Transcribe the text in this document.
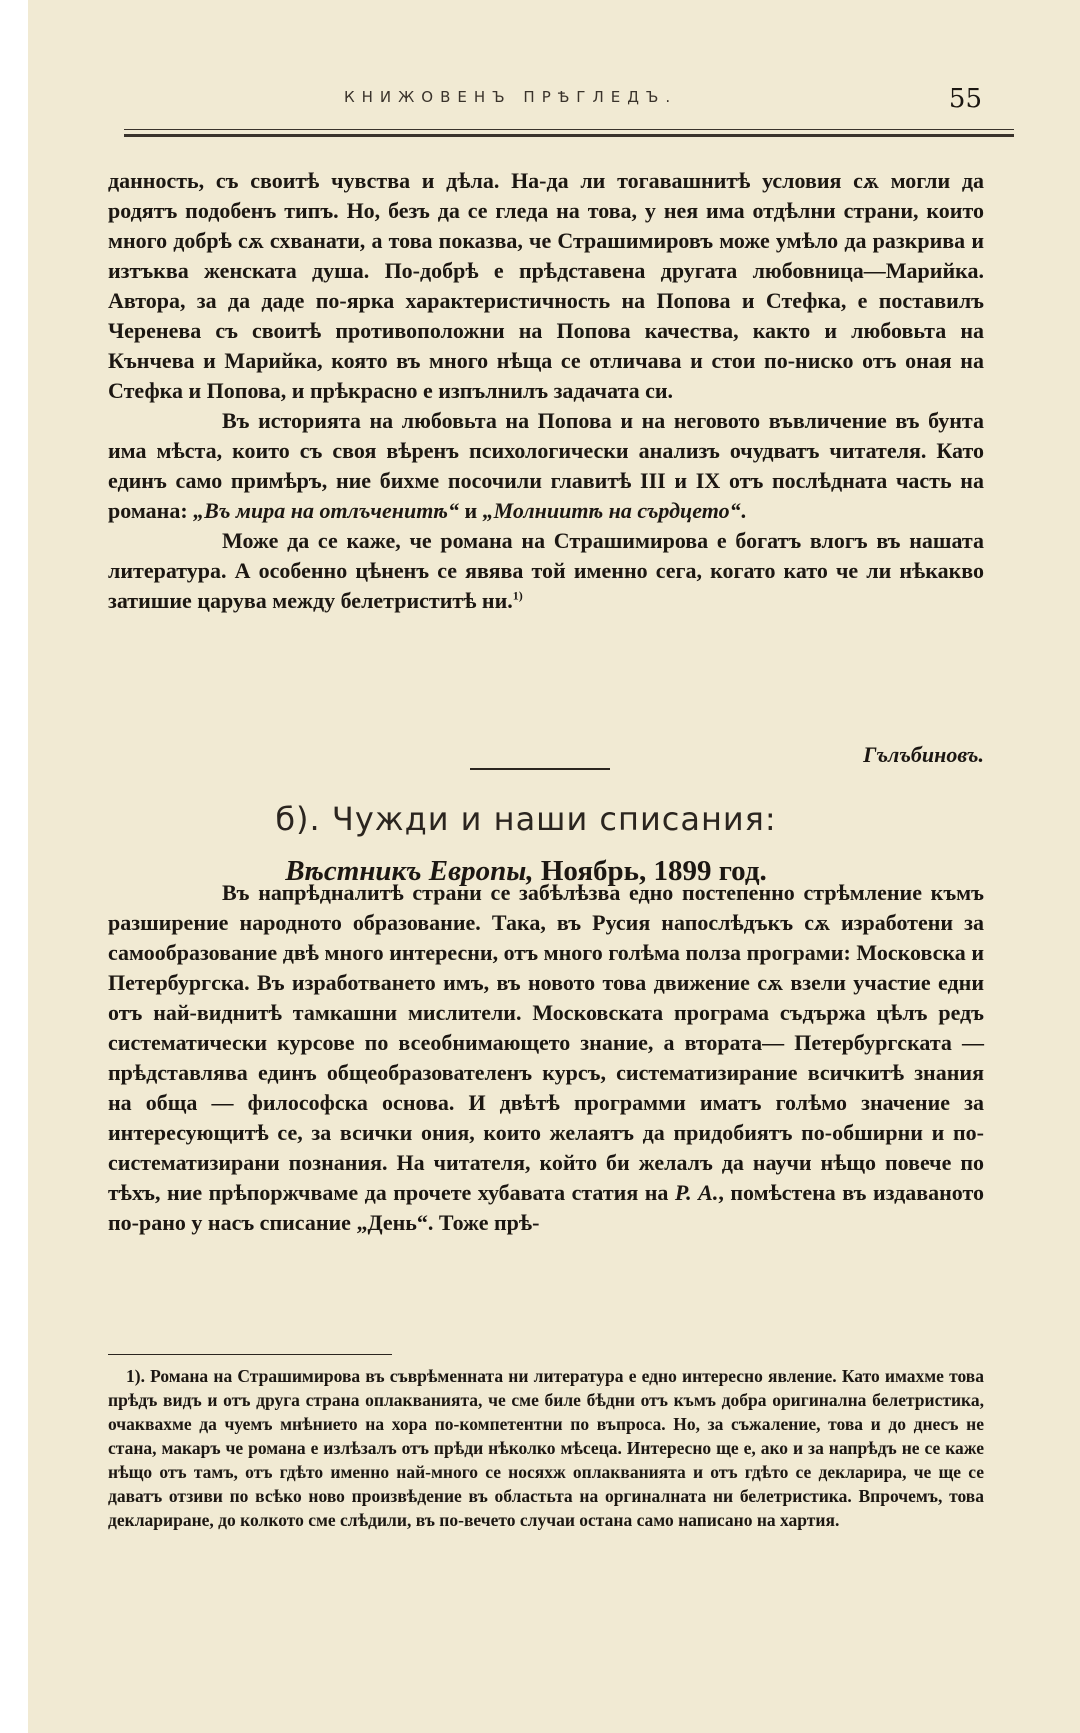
КНИЖОВЕНЪ ПРѢГЛЕДЪ.	55

данность, съ своитѣ чувства и дѣла. На-да ли тогавашнитѣ условия сѫ могли да родятъ подобенъ типъ. Но, безъ да се гледа на това, у нея има отдѣлни страни, които много добрѣ сѫ схванати, а това показва, че Страшимировъ може умѣло да разкрива и изтъква женската душа. По-добрѣ е прѣдставена другата любовница—Марийка. Автора, за да даде по-ярка характеристичность на Попова и Стефка, е поставилъ Черенева съ своитѣ противоположни на Попова качества, както и любовьта на Кънчева и Марийка, която въ много нѣща се отличава и стои по-ниско отъ оная на Стефка и Попова, и прѣкрасно е изпълнилъ задачата си.

Въ историята на любовьта на Попова и на неговото въвличение въ бунта има мѣста, които съ своя вѣренъ психологически анализъ очудватъ читателя. Като единъ само примѣръ, ние бихме посочили главитѣ III и IX отъ послѣдната часть на романа: „Въ мира на отлъченитѣ“ и „Молниитѣ на сърдцето“.

Може да се каже, че романа на Страшимирова е богатъ влогъ въ нашата литература. А особенно цѣненъ се явява той именно сега, когато като че ли нѣкакво затишие царува между белетриститѣ ни.$^{1)}$

Гълъбиновъ.
б). Чужди и наши списания:
Вѣстникъ Европы, Ноябрь, 1899 год.

Въ напрѣдналитѣ страни се забѣлѣзва едно постепенно стрѣмление къмъ разширение народното образование. Така, въ Русия напослѣдъкъ сѫ изработени за самообразование двѣ много интересни, отъ много голѣма полза програми: Московска и Петербургска. Въ изработването имъ, въ новото това движение сѫ взели участие едни отъ най-виднитѣ тамкашни мислители. Московската програма съдържа цѣлъ редъ систематически курсове по всеобнимающето знание, а втората— Петербургската — прѣдставлява единъ общеобразователенъ курсъ, систематизирание всичкитѣ знания на обща — философска основа. И двѣтѣ программи иматъ голѣмо значение за интересующитѣ се, за всички ония, които желаятъ да придобиятъ по-обширни и по-систематизирани познания. На читателя, който би желалъ да научи нѣщо повече по тѣхъ, ние прѣпоржчваме да прочете хубавата статия на Р. А., помѣстена въ издаваното по-рано у насъ списание „День“. Тоже прѣ-

1). Романа на Страшимирова въ съврѣменната ни литература е едно интересно явление. Като имахме това прѣдъ видъ и отъ друга страна оплакванията, че сме биле бѣдни отъ къмъ добра оригинална белетристика, очаквахме да чуемъ мнѣнието на хора по-компетентни по въпроса. Но, за съжаление, това и до днесъ не стана, макаръ че романа е излѣзалъ отъ прѣди нѣколко мѣсеца. Интересно ще е, ако и за напрѣдъ не се каже нѣщо отъ тамъ, отъ гдѣто именно най-много се носяхж оплакванията и отъ гдѣто се декларира, че ще се даватъ отзиви по всѣко ново произвѣдение въ областьта на оргиналната ни белетристика. Впрочемъ, това деклариране, до колкото сме слѣдили, въ по-вечето случаи остана само написано на хартия.
